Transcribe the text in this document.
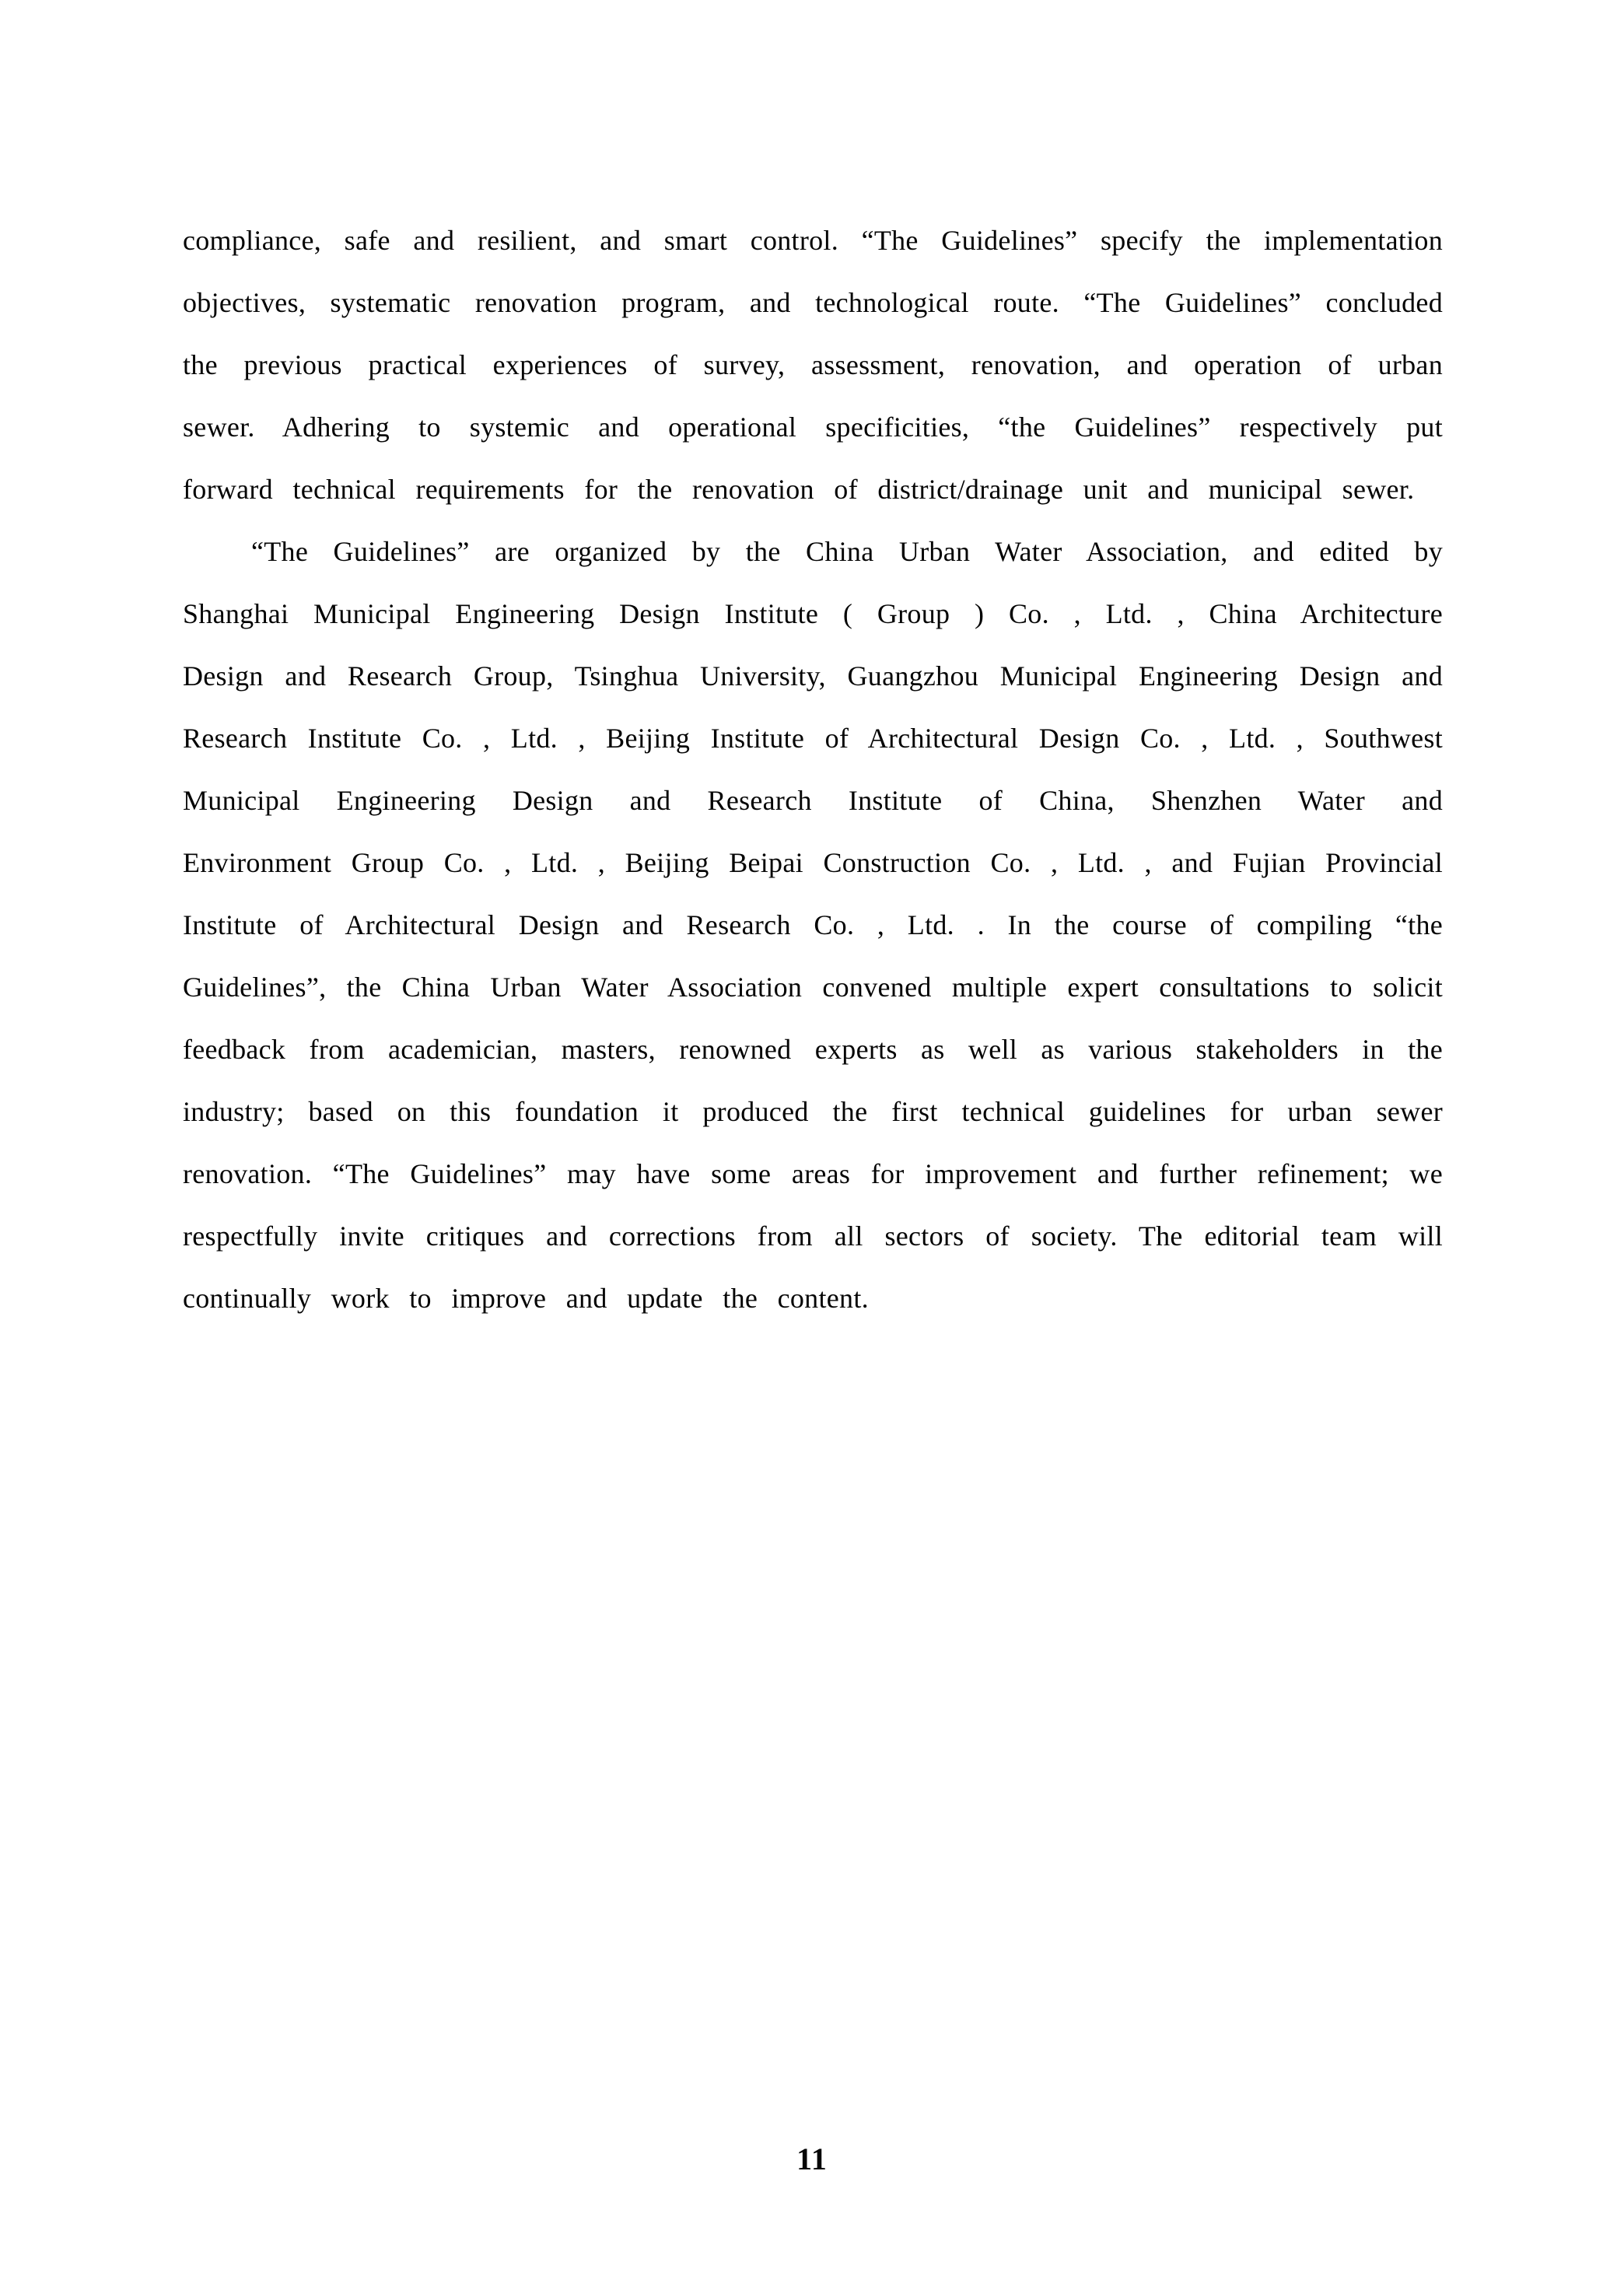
compliance, safe and resilient, and smart control. “The Guidelines” specify the implementation objectives, systematic renovation program, and technological route. “The Guidelines” concluded the previous practical experiences of survey, assessment, renovation, and operation of urban sewer. Adhering to systemic and operational specificities, “the Guidelines” respectively put forward technical requirements for the renovation of district/drainage unit and municipal sewer.

“The Guidelines” are organized by the China Urban Water Association, and edited by Shanghai Municipal Engineering Design Institute ( Group ) Co. , Ltd. , China Architecture Design and Research Group, Tsinghua University, Guangzhou Municipal Engineering Design and Research Institute Co. , Ltd. , Beijing Institute of Architectural Design Co. , Ltd. , Southwest Municipal Engineering Design and Research Institute of China, Shenzhen Water and Environment Group Co. , Ltd. , Beijing Beipai Construction Co. , Ltd. , and Fujian Provincial Institute of Architectural Design and Research Co. , Ltd. . In the course of compiling “the Guidelines”, the China Urban Water Association convened multiple expert consultations to solicit feedback from academician, masters, renowned experts as well as various stakeholders in the industry; based on this foundation it produced the first technical guidelines for urban sewer renovation. “The Guidelines” may have some areas for improvement and further refinement; we respectfully invite critiques and corrections from all sectors of society. The editorial team will continually work to improve and update the content.

11
